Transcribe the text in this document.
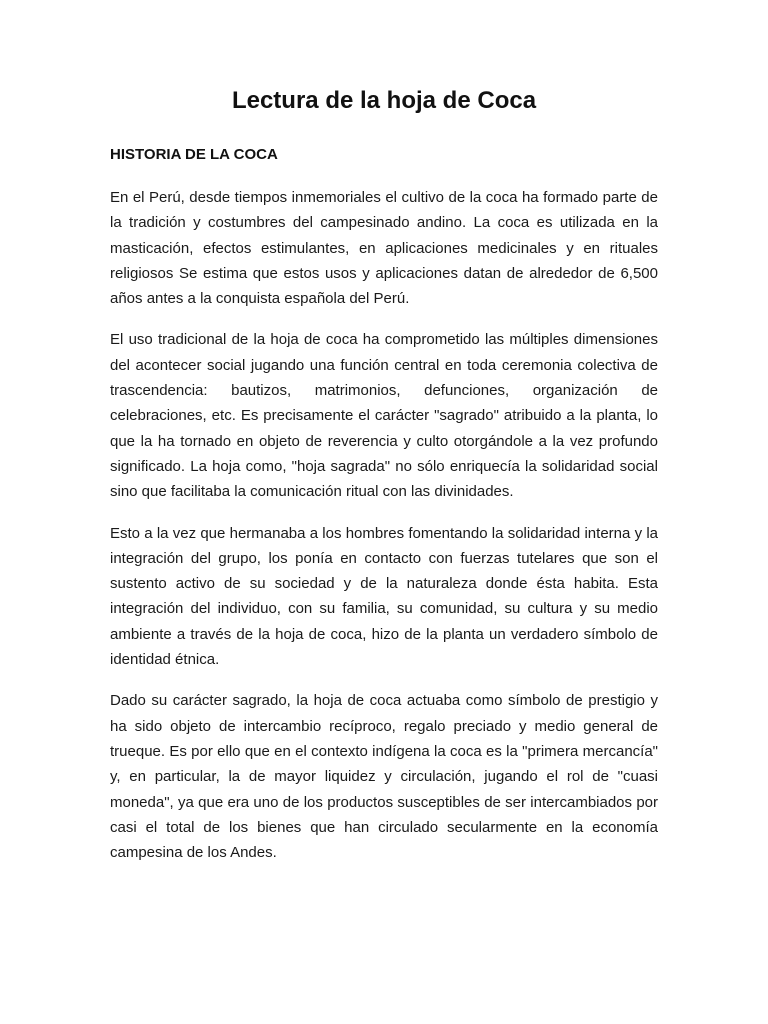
Lectura de la hoja de Coca
HISTORIA DE LA COCA

En el Perú, desde tiempos inmemoriales el cultivo de la coca ha formado parte de la tradición y costumbres del campesinado andino. La coca es utilizada en la masticación, efectos estimulantes, en aplicaciones medicinales y en rituales religiosos Se estima que estos usos y aplicaciones datan de alrededor de 6,500 años antes a la conquista española del Perú.

El uso tradicional de la hoja de coca ha comprometido las múltiples dimensiones del acontecer social jugando una función central en toda ceremonia colectiva de trascendencia: bautizos, matrimonios, defunciones, organización de celebraciones, etc. Es precisamente el carácter "sagrado" atribuido a la planta, lo que la ha tornado en objeto de reverencia y culto otorgándole a la vez profundo significado. La hoja como, "hoja sagrada" no sólo enriquecía la solidaridad social sino que facilitaba la comunicación ritual con las divinidades.

Esto a la vez que hermanaba a los hombres fomentando la solidaridad interna y la integración del grupo, los ponía en contacto con fuerzas tutelares que son el sustento activo de su sociedad y de la naturaleza donde ésta habita. Esta integración del individuo, con su familia, su comunidad, su cultura y su medio ambiente a través de la hoja de coca, hizo de la planta un verdadero símbolo de identidad étnica.

Dado su carácter sagrado, la hoja de coca actuaba como símbolo de prestigio y ha sido objeto de intercambio recíproco, regalo preciado y medio general de trueque. Es por ello que en el contexto indígena la coca es la "primera mercancía" y, en particular, la de mayor liquidez y circulación, jugando el rol de "cuasi moneda", ya que era uno de los productos susceptibles de ser intercambiados por casi el total de los bienes que han circulado secularmente en la economía campesina de los Andes.
